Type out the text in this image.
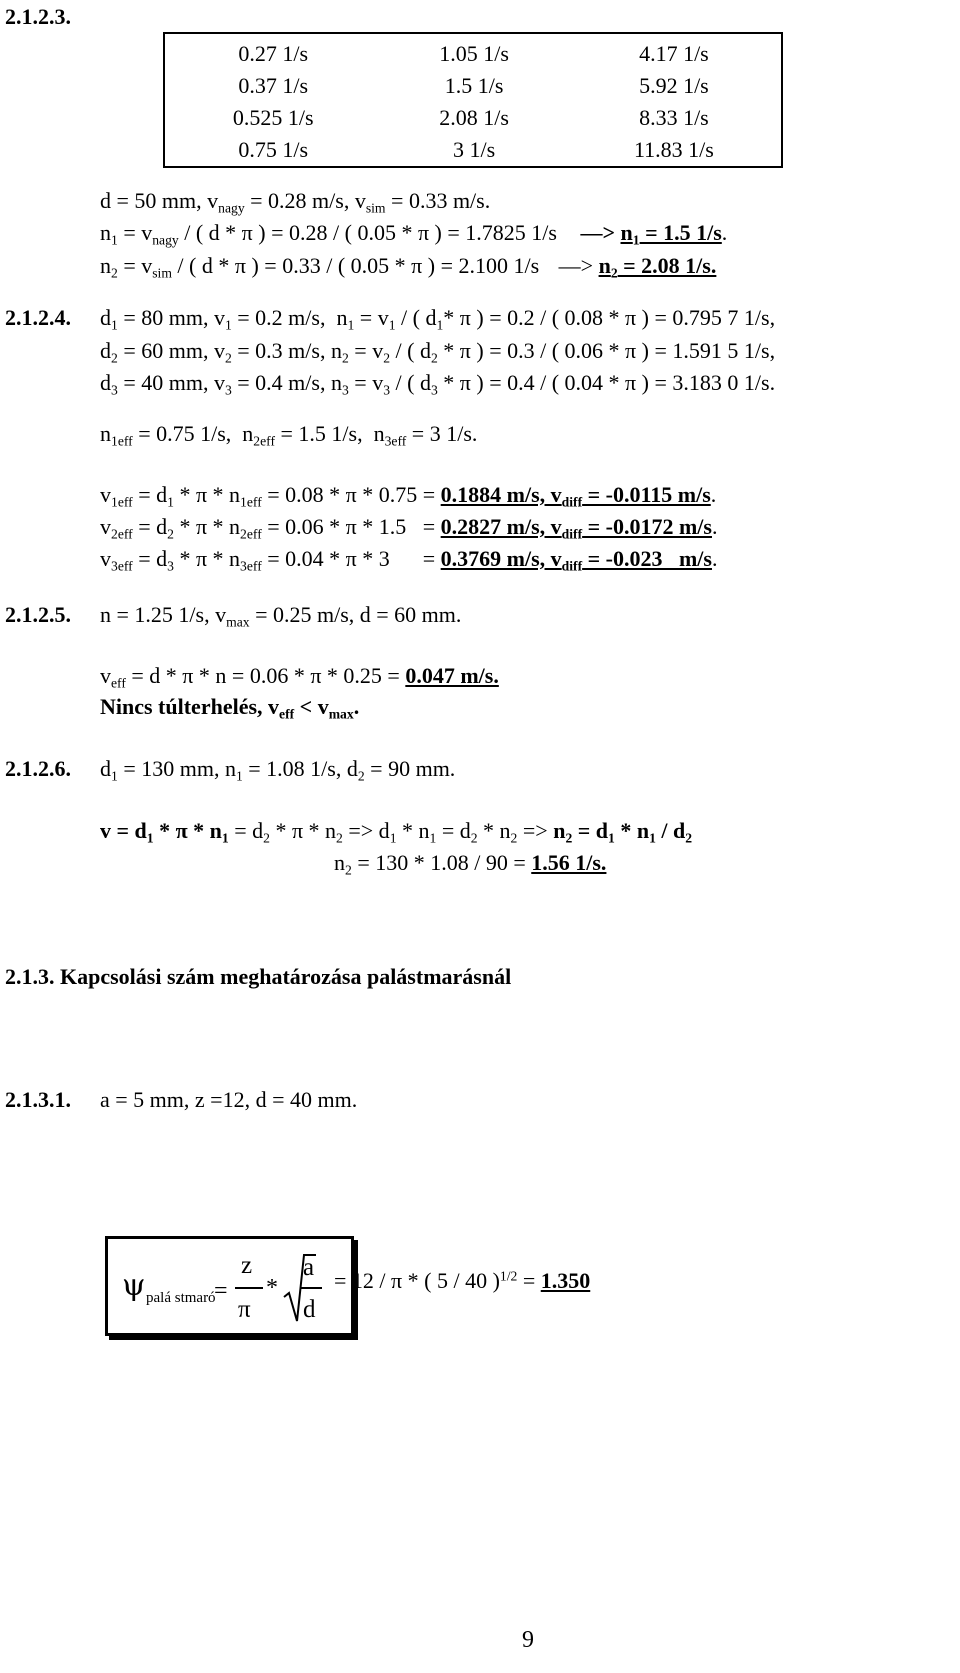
2.1.2.3.
0.27 1/s	1.05 1/s	4.17 1/s
0.37 1/s	1.5 1/s	5.92 1/s
0.525 1/s	2.08 1/s	8.33 1/s
0.75 1/s	3 1/s	11.83 1/s
d = 50 mm, $v_{nagy} = 0.28$ m/s, $v_{sim} = 0.33$ m/s.
$n_1 = v_{nagy}$ / ( d * π ) = 0.28 / ( 0.05 * π ) = 1.7825 1/s —> $n_1 = 1.5$ 1/s.
$n_2 = v_{sim}$ / ( d * π ) = 0.33 / ( 0.05 * π ) = 2.100 1/s —> $n_2 = 2.08$ 1/s.
2.1.2.4. $d_1 = 80$ mm, $v_1 = 0.2$ m/s,  $n_1 = v_1$ / ( $d_1*$ π ) = 0.2 / ( 0.08 * π ) = 0.795 7 1/s,
$d_2 = 60$ mm, $v_2 = 0.3$ m/s, $n_2 = v_2$ / ( $d_2$ * π ) = 0.3 / ( 0.06 * π ) = 1.591 5 1/s,
$d_3 = 40$ mm, $v_3 = 0.4$ m/s, $n_3 = v_3$ / ( $d_3$ * π ) = 0.4 / ( 0.04 * π ) = 3.183 0 1/s.
$n_{1eff} = 0.75$ 1/s,  $n_{2eff} = 1.5$ 1/s,  $n_{3eff} = 3$ 1/s.
$v_{1eff} = d_1 * \pi * n_{1eff} = 0.08 * \pi * 0.75 = 0.1884$ m/s, $v_{diff} = -0.0115$ m/s.
$v_{2eff} = d_2 * \pi * n_{2eff} = 0.06 * \pi * 1.5 = 0.2827$ m/s, $v_{diff} = -0.0172$ m/s.
$v_{3eff} = d_3 * \pi * n_{3eff} = 0.04 * \pi * 3$      = 0.3769 m/s, $v_{diff} = -0.023$   m/s.
2.1.2.5. n = 1.25 1/s, $v_{max} = 0.25$ m/s, d = 60 mm.
$v_{eff} = d * \pi * n = 0.06 * \pi * 0.25 = 0.047$ m/s.
Nincs túlterhelés, $v_{eff} < v_{max}$.
2.1.2.6. $d_1 = 130$ mm, $n_1 = 1.08$ 1/s, $d_2 = 90$ mm.
$v = d_1 * \pi * n_1 = d_2 * \pi * n_2 => d_1 * n_1 = d_2 * n_2 => n_2 = d_1 * n_1 / d_2$
$n_2 = 130 * 1.08 / 90 = 1.56$ 1/s.
2.1.3. Kapcsolási szám meghatározása palástmarásnál
2.1.3.1. a = 5 mm, z =12, d = 40 mm.
ψ palá stmaró
=
z
π
*
a
d
= 12 / π * ( 5 / 40 )$^{1/2}$ = 1.350
9
